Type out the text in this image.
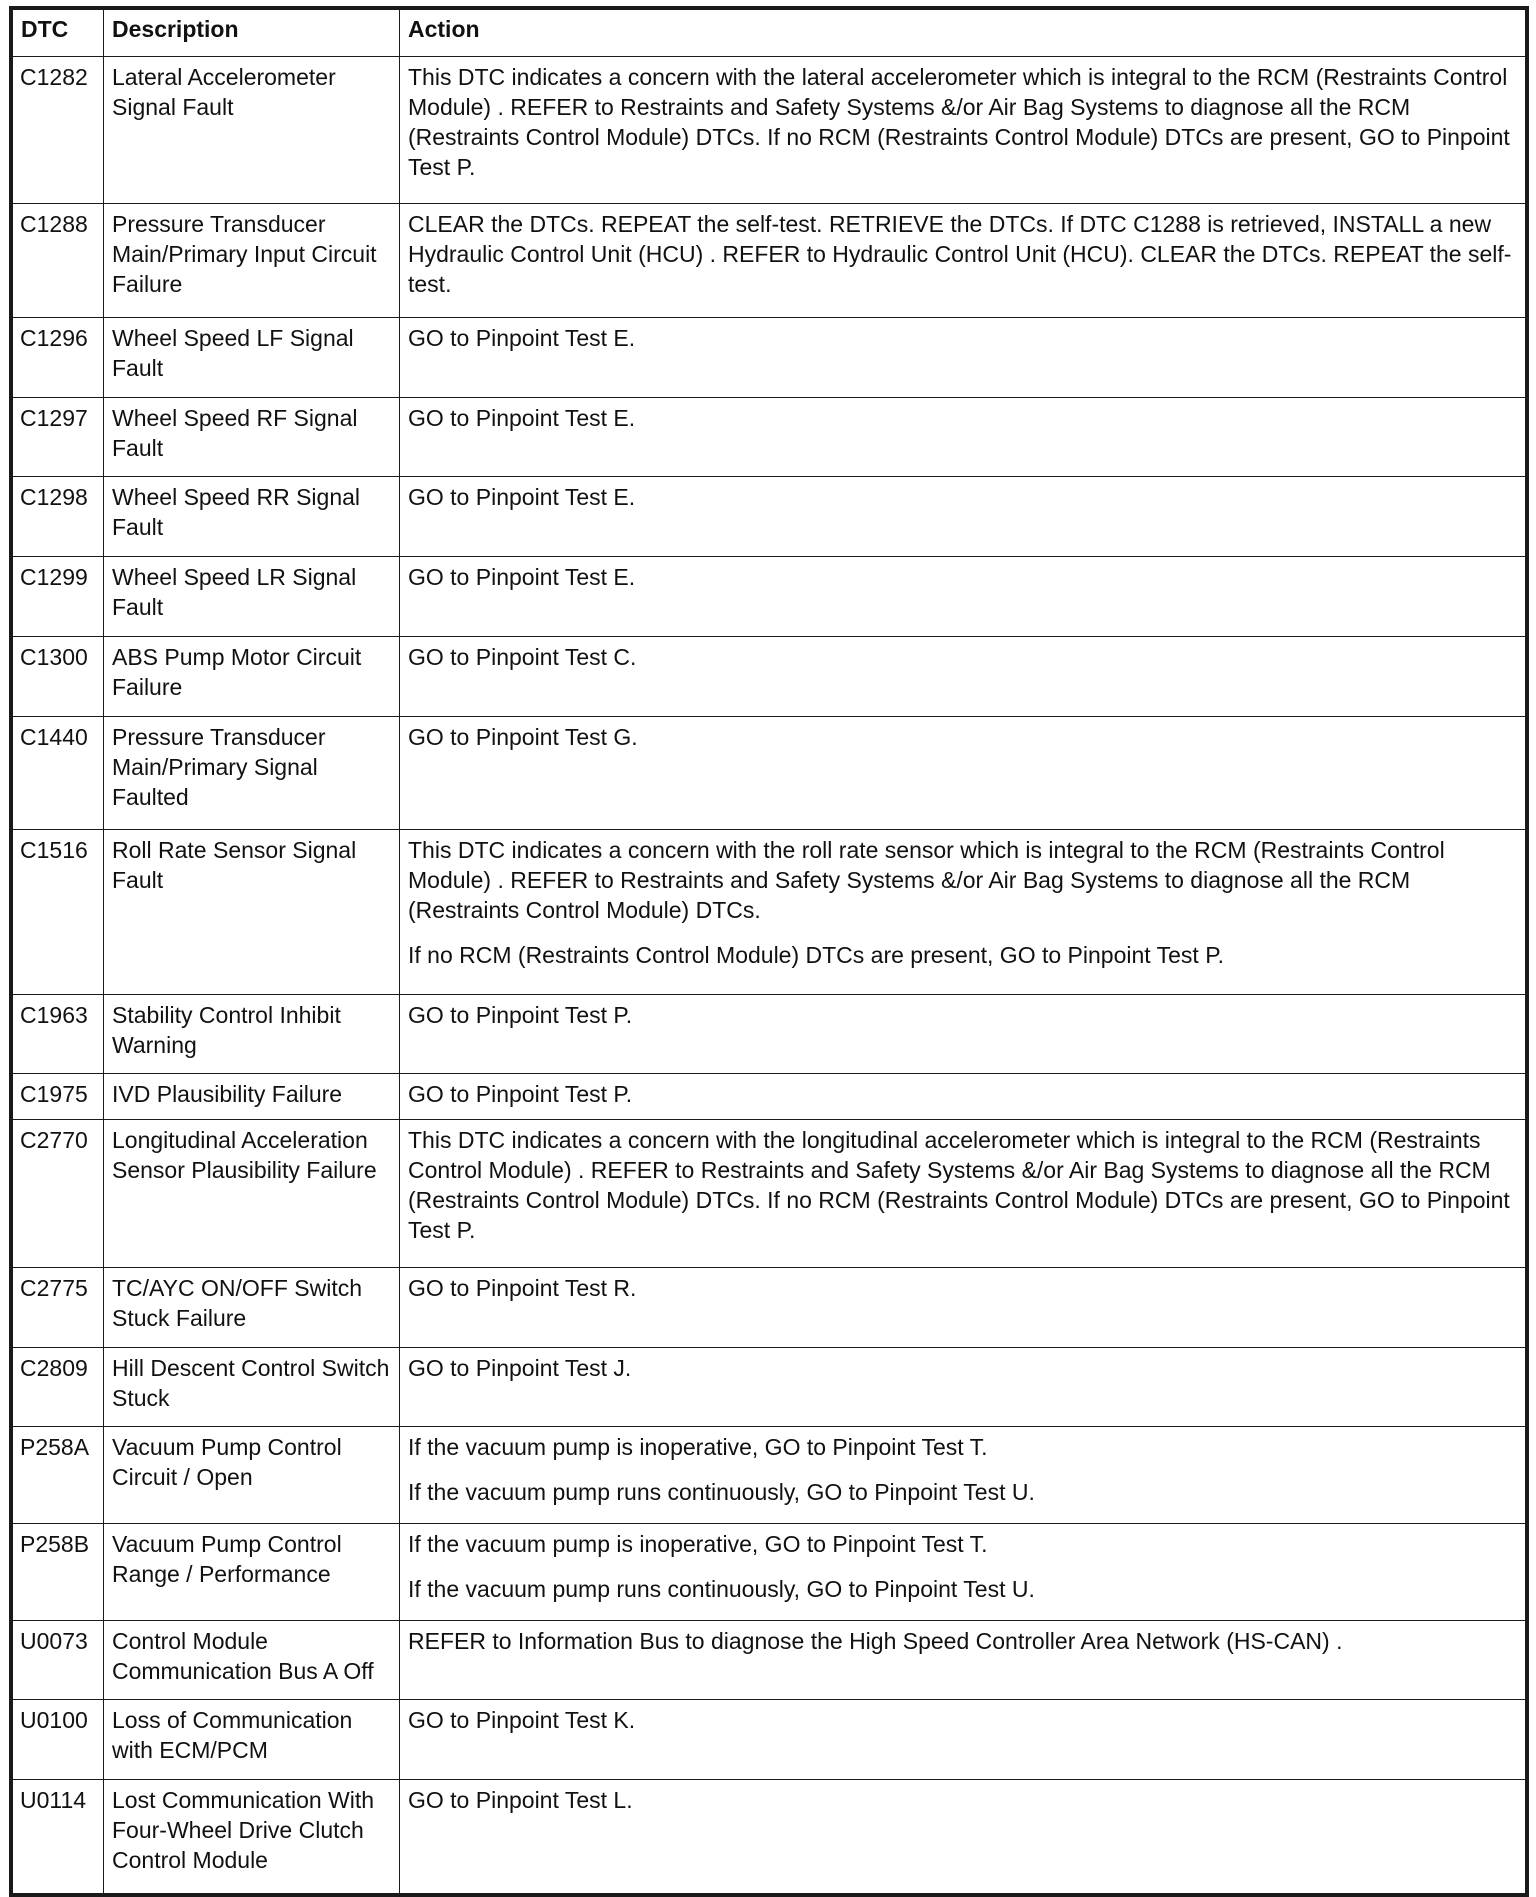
DTC	Description	Action
C1282	Lateral Accelerometer Signal Fault	This DTC indicates a concern with the lateral accelerometer which is integral to the RCM (Restraints Control Module) . REFER to Restraints and Safety Systems &/or Air Bag Systems to diagnose all the RCM (Restraints Control Module) DTCs. If no RCM (Restraints Control Module) DTCs are present, GO to Pinpoint Test P.

C1288	Pressure Transducer Main/Primary Input Circuit Failure	CLEAR the DTCs. REPEAT the self-test. RETRIEVE the DTCs. If DTC C1288 is retrieved, INSTALL a new Hydraulic Control Unit (HCU) . REFER to Hydraulic Control Unit (HCU). CLEAR the DTCs. REPEAT the self-test.

C1296	Wheel Speed LF Signal Fault	GO to Pinpoint Test E.

C1297	Wheel Speed RF Signal Fault	GO to Pinpoint Test E.

C1298	Wheel Speed RR Signal Fault	GO to Pinpoint Test E.

C1299	Wheel Speed LR Signal Fault	GO to Pinpoint Test E.

C1300	ABS Pump Motor Circuit Failure	GO to Pinpoint Test C.

C1440	Pressure Transducer Main/Primary Signal Faulted	GO to Pinpoint Test G.

C1516	Roll Rate Sensor Signal Fault	This DTC indicates a concern with the roll rate sensor which is integral to the RCM (Restraints Control Module) . REFER to Restraints and Safety Systems &/or Air Bag Systems to diagnose all the RCM (Restraints Control Module) DTCs.

If no RCM (Restraints Control Module) DTCs are present, GO to Pinpoint Test P.

C1963	Stability Control Inhibit Warning	GO to Pinpoint Test P.

C1975	IVD Plausibility Failure	GO to Pinpoint Test P.

C2770	Longitudinal Acceleration Sensor Plausibility Failure	This DTC indicates a concern with the longitudinal accelerometer which is integral to the RCM (Restraints Control Module) . REFER to Restraints and Safety Systems &/or Air Bag Systems to diagnose all the RCM (Restraints Control Module) DTCs. If no RCM (Restraints Control Module) DTCs are present, GO to Pinpoint Test P.

C2775	TC/AYC ON/OFF Switch Stuck Failure	GO to Pinpoint Test R.

C2809	Hill Descent Control Switch Stuck	GO to Pinpoint Test J.

P258A	Vacuum Pump Control Circuit / Open	If the vacuum pump is inoperative, GO to Pinpoint Test T.

If the vacuum pump runs continuously, GO to Pinpoint Test U.

P258B	Vacuum Pump Control Range / Performance	If the vacuum pump is inoperative, GO to Pinpoint Test T.

If the vacuum pump runs continuously, GO to Pinpoint Test U.

U0073	Control Module Communication Bus A Off	REFER to Information Bus to diagnose the High Speed Controller Area Network (HS-CAN) .

U0100	Loss of Communication with ECM/PCM	GO to Pinpoint Test K.

U0114	Lost Communication With Four-Wheel Drive Clutch Control Module	GO to Pinpoint Test L.
